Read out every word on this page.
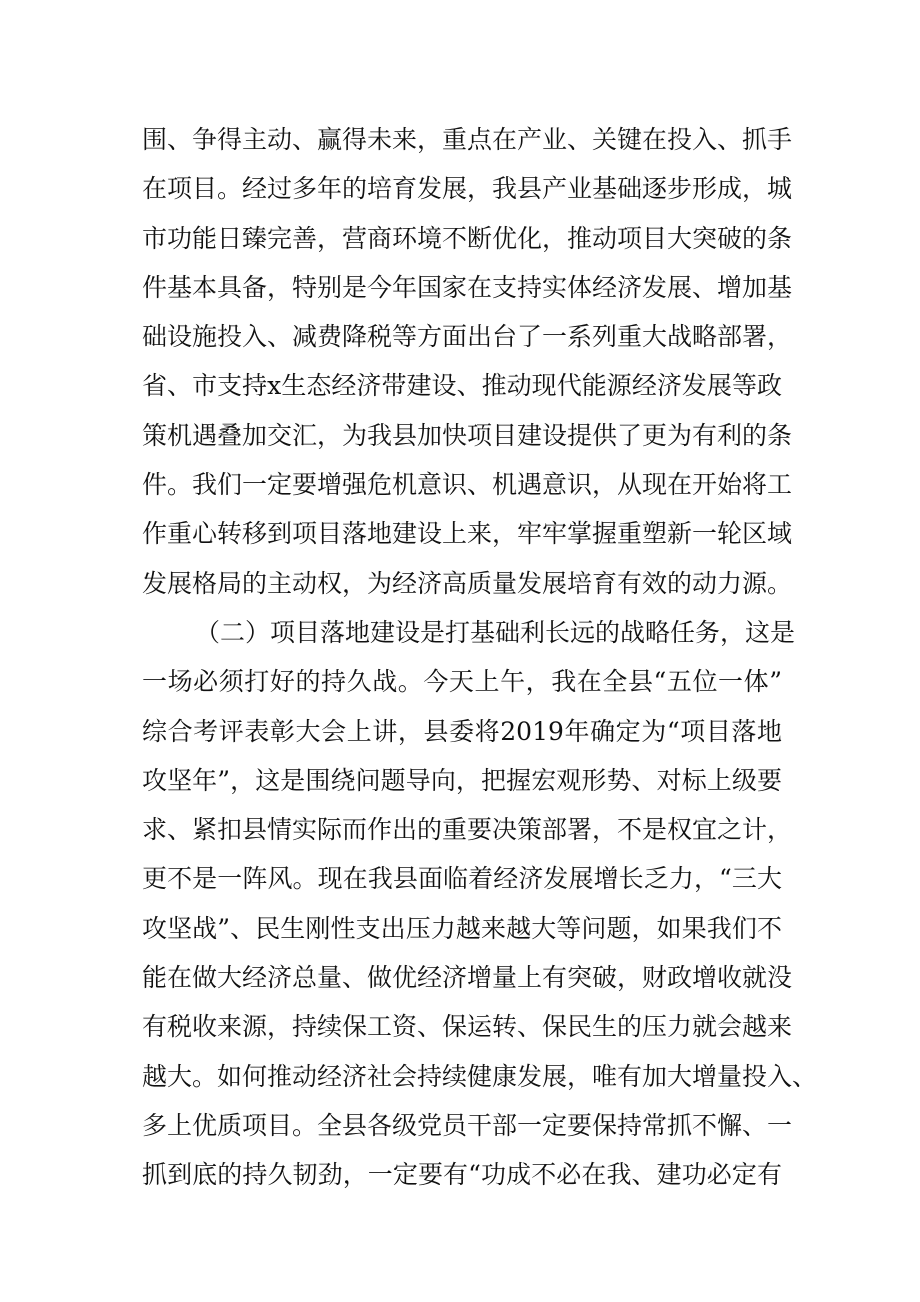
围、争得主动、赢得未来，重点在产业、关键在投入、抓手
在项目。经过多年的培育发展，我县产业基础逐步形成，城
市功能日臻完善，营商环境不断优化，推动项目大突破的条
件基本具备，特别是今年国家在支持实体经济发展、增加基
础设施投入、减费降税等方面出台了一系列重大战略部署，
省、市支持x生态经济带建设、推动现代能源经济发展等政
策机遇叠加交汇，为我县加快项目建设提供了更为有利的条
件。我们一定要增强危机意识、机遇意识，从现在开始将工
作重心转移到项目落地建设上来，牢牢掌握重塑新一轮区域
发展格局的主动权，为经济高质量发展培育有效的动力源。
（二）项目落地建设是打基础利长远的战略任务，这是
一场必须打好的持久战。今天上午，我在全县“五位一体”
综合考评表彰大会上讲，县委将2019年确定为“项目落地
攻坚年”，这是围绕问题导向，把握宏观形势、对标上级要
求、紧扣县情实际而作出的重要决策部署，不是权宜之计，
更不是一阵风。现在我县面临着经济发展增长乏力，“三大
攻坚战”、民生刚性支出压力越来越大等问题，如果我们不
能在做大经济总量、做优经济增量上有突破，财政增收就没
有税收来源，持续保工资、保运转、保民生的压力就会越来
越大。如何推动经济社会持续健康发展，唯有加大增量投入、
多上优质项目。全县各级党员干部一定要保持常抓不懈、一
抓到底的持久韧劲，一定要有“功成不必在我、建功必定有
